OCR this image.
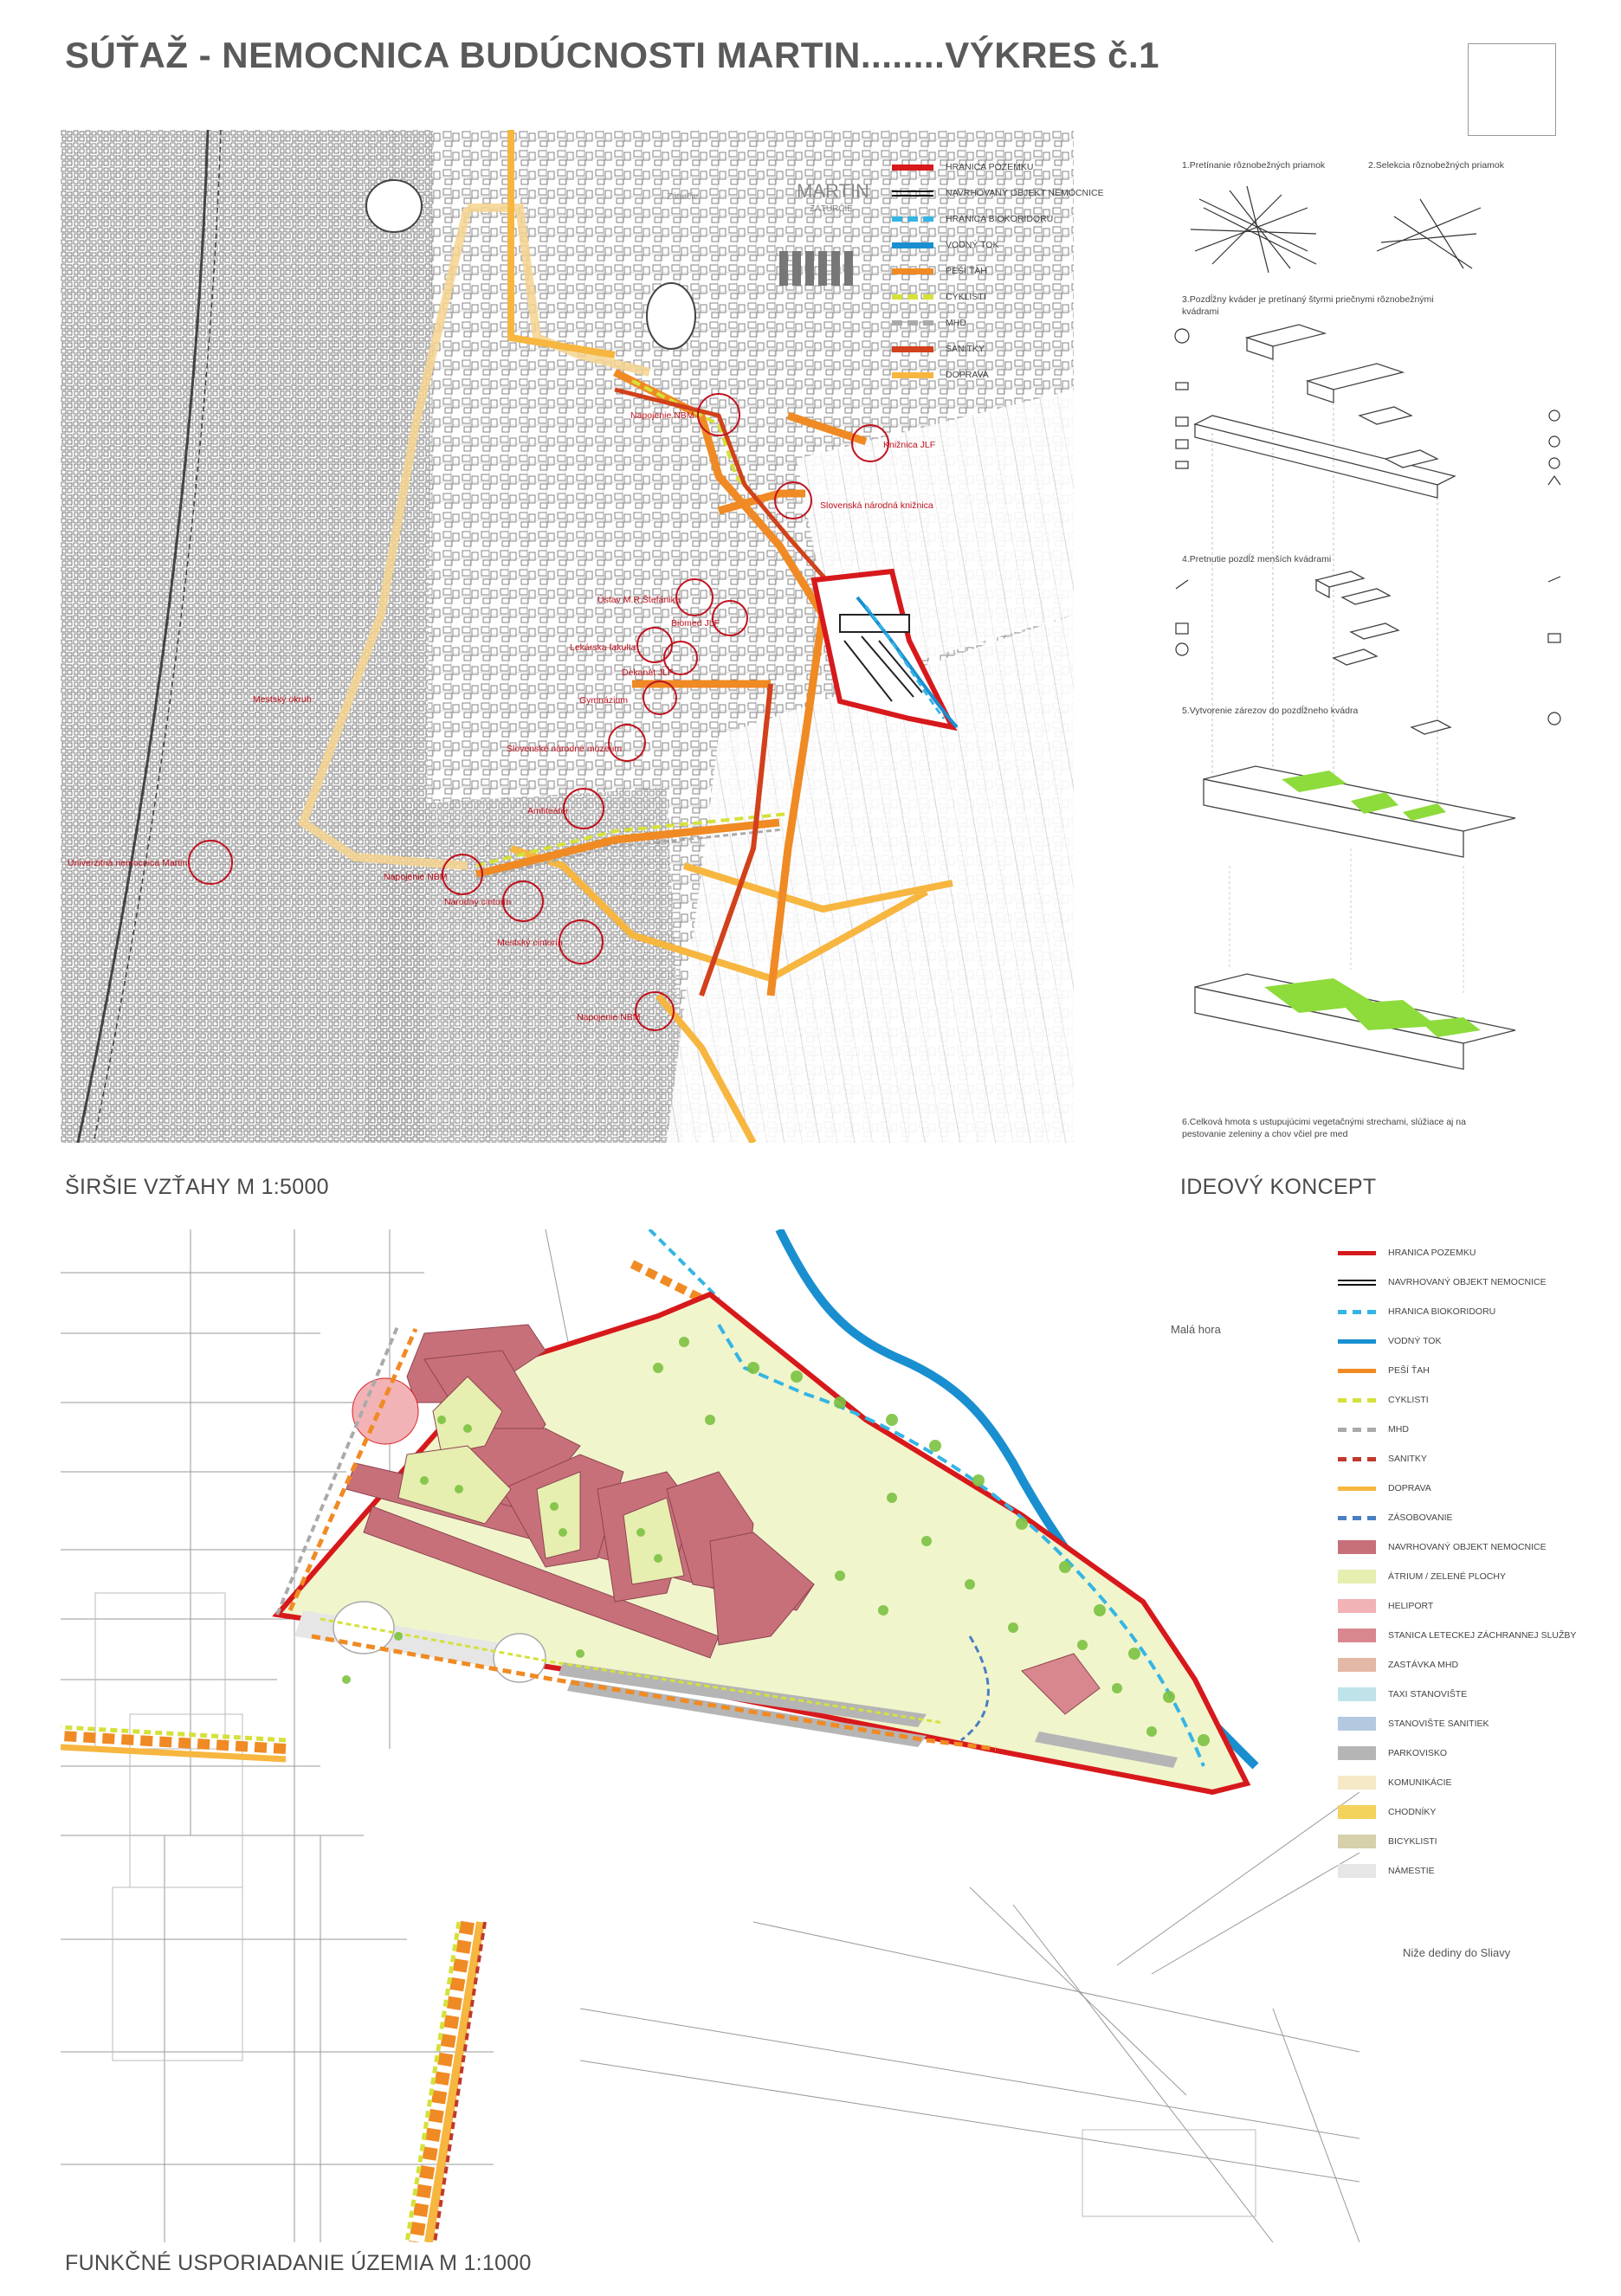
SÚŤAŽ - NEMOCNICA BUDÚCNOSTI MARTIN........VÝKRES č.1
MARTIN
ZÁTURČIE
Záturčie
Napojenie NBM
Knižnica JLF
Slovenská národná knižnica
Ústav M.R.Štefánika
Biomed JLF
Lekárska fakulta
Dekanát JLF
Gymnázium
Slovenské národné múzeum
Mestský okruh
Amfiteáter
Univerzitná nemocnica Martin
Napojenie NBM
Národný cintorín
Mestský cintorín
Napojenie NBM
HRANICA POZEMKU
NAVRHOVANÝ OBJEKT NEMOCNICE
HRANICA BIOKORIDORU
VODNÝ TOK
PEŠÍ ŤAH
CYKLISTI
MHD
SANITKY
DOPRAVA
1.Pretínanie rôznobežných priamok	2.Selekcia rôznobežných priamok
3.Pozdĺžny kváder je pretínaný štyrmi priečnymi rôznobežnými kvádrami
4.Pretnutie pozdĺž menších kvádrami
5.Vytvorenie zárezov do pozdĺžneho kvádra
6.Celková hmota s ustupujúcimi vegetačnými strechami, slúžiace aj na pestovanie zeleniny a chov včiel pre med
ŠIRŠIE VZŤAHY M 1:5000	IDEOVÝ KONCEPT
Malá hora
Niže dediny do Sliavy
HRANICA POZEMKU
NAVRHOVANÝ OBJEKT NEMOCNICE
HRANICA BIOKORIDORU
VODNÝ TOK
PEŠÍ ŤAH
CYKLISTI
MHD
SANITKY
DOPRAVA
ZÁSOBOVANIE
NAVRHOVANÝ OBJEKT NEMOCNICE
ÁTRIUM / ZELENÉ PLOCHY
HELIPORT
STANICA LETECKEJ ZÁCHRANNEJ SLUŽBY
ZASTÁVKA MHD
TAXI STANOVIŠTE
STANOVIŠTE SANITIEK
PARKOVISKO
KOMUNIKÁCIE
CHODNÍKY
BICYKLISTI
NÁMESTIE
FUNKČNÉ USPORIADANIE ÚZEMIA M 1:1000
